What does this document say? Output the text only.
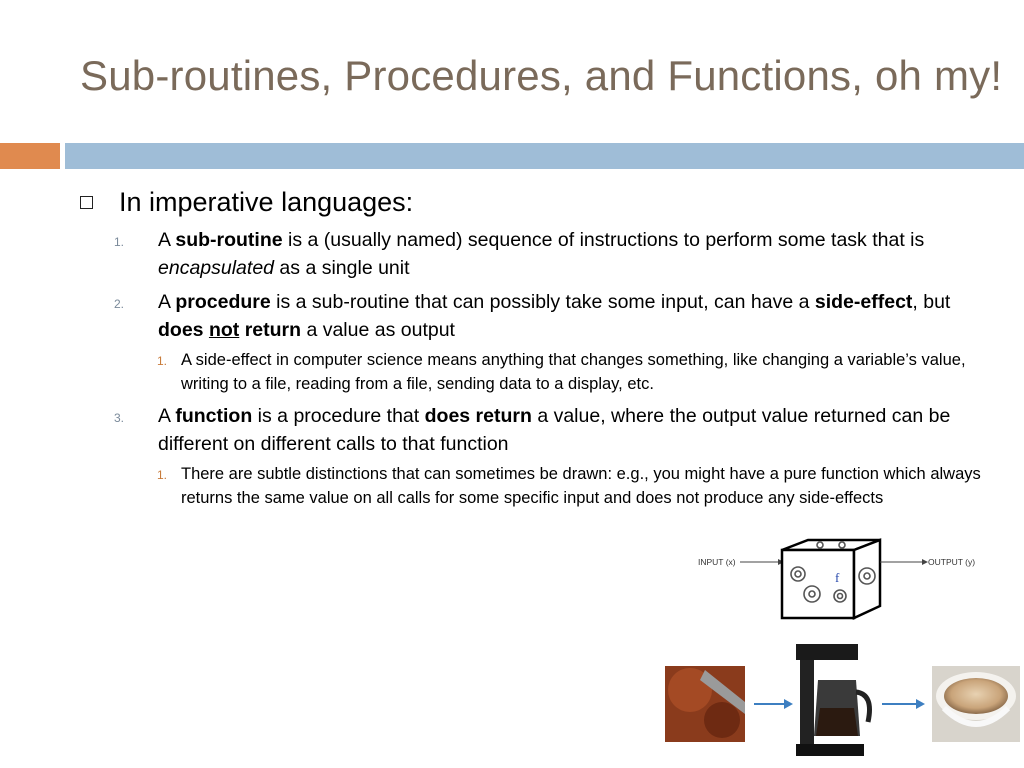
Sub-routines, Procedures, and Functions, oh my!
In imperative languages:
1.	A sub-routine is a (usually named) sequence of instructions to perform some task that is encapsulated as a single unit
2.	A procedure is a sub-routine that can possibly take some input, can have a side-effect, but does not return a value as output
1. A side-effect in computer science means anything that changes something, like changing a variable’s value, writing to a file, reading from a file, sending data to a display, etc.
3.	A function is a procedure that does return a value, where the output value returned can be different on different calls to that function
1. There are subtle distinctions that can sometimes be drawn: e.g., you might have a pure function which always returns the same value on all calls for some specific input and does not produce any side-effects
INPUT (x)
f
OUTPUT (y)
